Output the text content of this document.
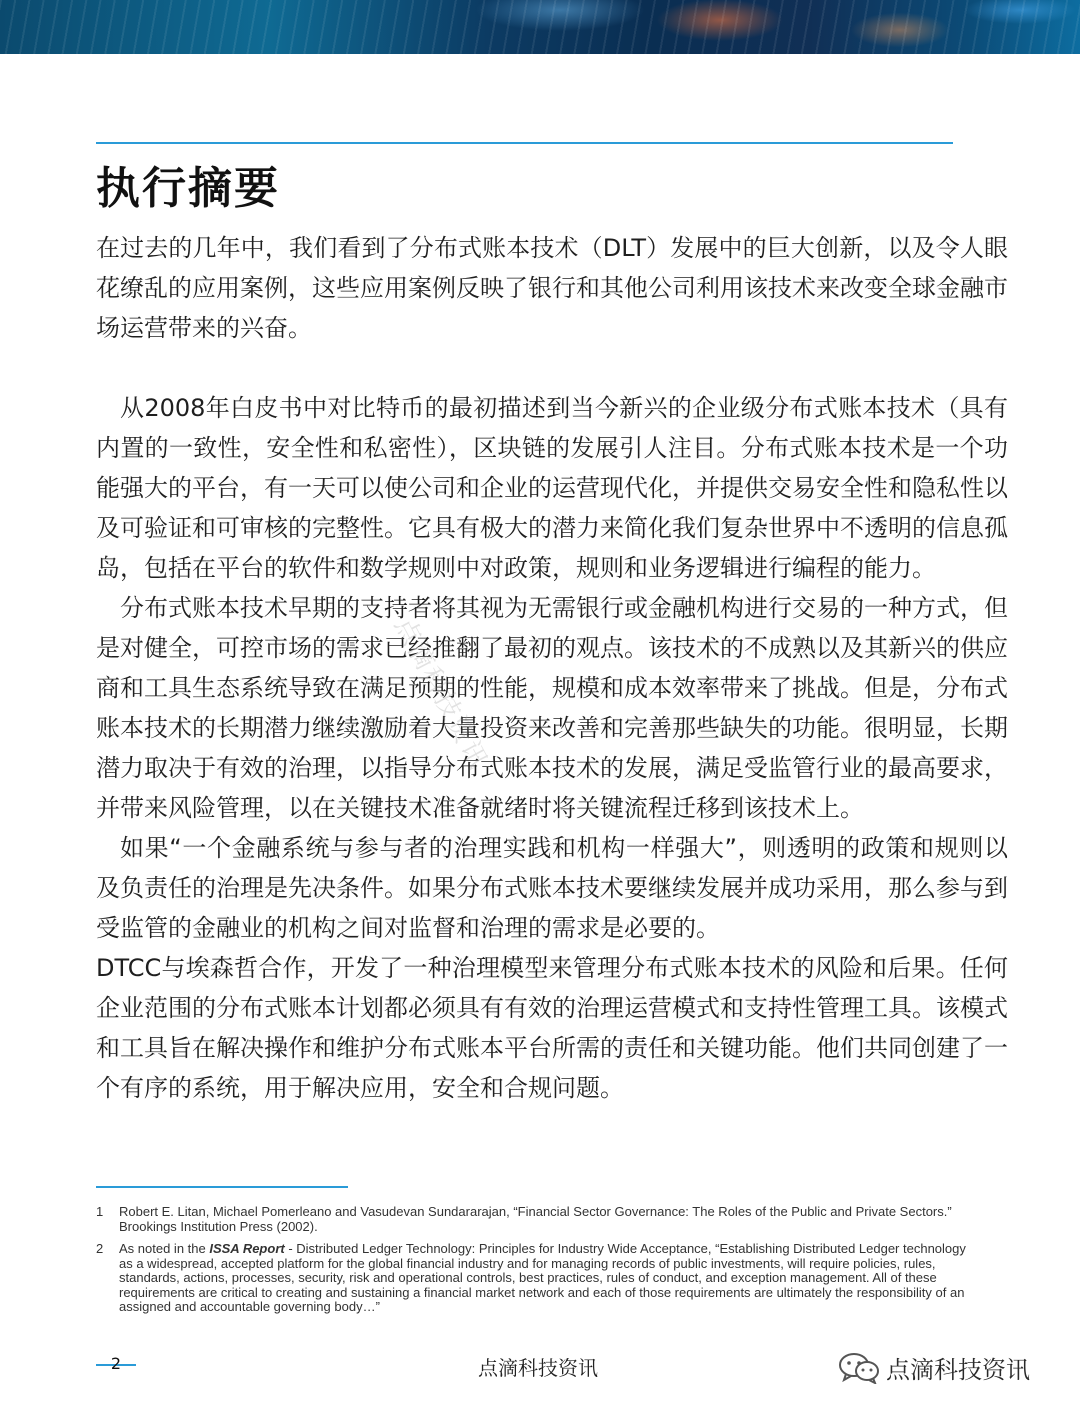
执行摘要

在过去的几年中，我们看到了分布式账本技术（DLT）发展中的巨大创新，以及令人眼花缭乱的应用案例，这些应用案例反映了银行和其他公司利用该技术来改变全球金融市场运营带来的兴奋。

从2008年白皮书中对比特币的最初描述到当今新兴的企业级分布式账本技术（具有内置的一致性，安全性和私密性），区块链的发展引人注目。分布式账本技术是一个功能强大的平台，有一天可以使公司和企业的运营现代化，并提供交易安全性和隐私性以及可验证和可审核的完整性。它具有极大的潜力来简化我们复杂世界中不透明的信息孤岛，包括在平台的软件和数学规则中对政策，规则和业务逻辑进行编程的能力。

分布式账本技术早期的支持者将其视为无需银行或金融机构进行交易的一种方式，但是对健全，可控市场的需求已经推翻了最初的观点。该技术的不成熟以及其新兴的供应商和工具生态系统导致在满足预期的性能，规模和成本效率带来了挑战。但是，分布式账本技术的长期潜力继续激励着大量投资来改善和完善那些缺失的功能。很明显，长期潜力取决于有效的治理，以指导分布式账本技术的发展，满足受监管行业的最高要求，并带来风险管理，以在关键技术准备就绪时将关键流程迁移到该技术上。

如果“一个金融系统与参与者的治理实践和机构一样强大”，则透明的政策和规则以及负责任的治理是先决条件。如果分布式账本技术要继续发展并成功采用，那么参与到受监管的金融业的机构之间对监督和治理的需求是必要的。

DTCC与埃森哲合作，开发了一种治理模型来管理分布式账本技术的风险和后果。任何企业范围的分布式账本计划都必须具有有效的治理运营模式和支持性管理工具。该模式和工具旨在解决操作和维护分布式账本平台所需的责任和关键功能。他们共同创建了一个有序的系统，用于解决应用，安全和合规问题。

点滴科技资讯
1	Robert E. Litan, Michael Pomerleano and Vasudevan Sundararajan, “Financial Sector Governance: The Roles of the Public and Private Sectors.” Brookings Institution Press (2002).
2	As noted in the ISSA Report - Distributed Ledger Technology: Principles for Industry Wide Acceptance, “Establishing Distributed Ledger technology as a widespread, accepted platform for the global financial industry and for managing records of public investments, will require policies, rules, standards, actions, processes, security, risk and operational controls, best practices, rules of conduct, and exception management. All of these requirements are critical to creating and sustaining a financial market network and each of those requirements are ultimately the responsibility of an assigned and accountable governing body…”
2	点滴科技资讯	点滴科技资讯
